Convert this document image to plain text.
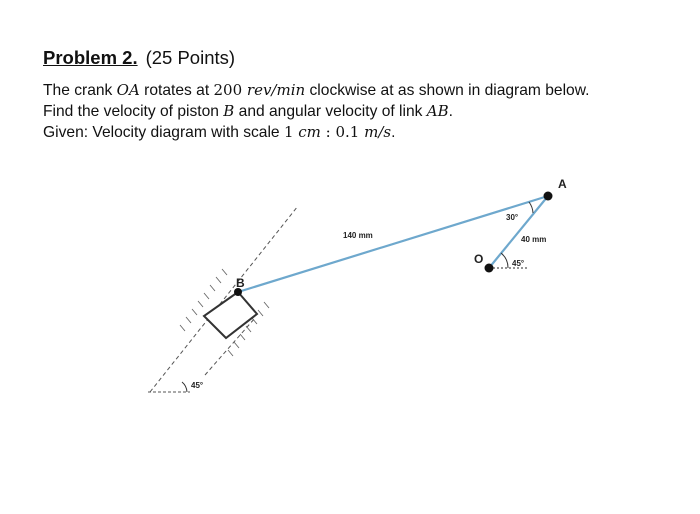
Problem 2. (25 Points)
The crank OA rotates at 200 rev/min clockwise at as shown in diagram below.
Find the velocity of piston B and angular velocity of link AB.
Given: Velocity diagram with scale 1 cm : 0.1 m/s.
A
B
O
140 mm	40 mm
30°
45°
45°
